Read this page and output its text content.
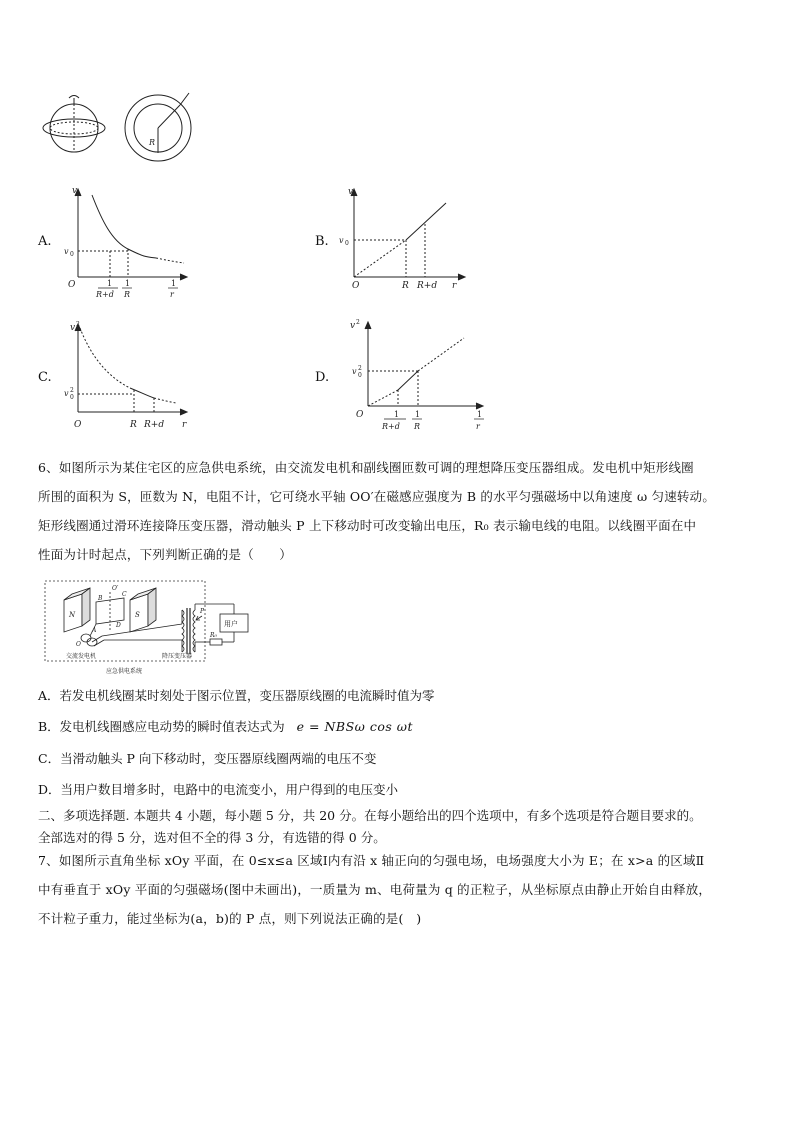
R
A.
v
v 0
O	1
R+d
1
R
1
r
B.
v
v 0
O	R R+d r
C.
v 2
v 2
0
O	R R+d r
D.
v 2
v 2
0
O	1
R+d
1
R
1
r
6、如图所示为某住宅区的应急供电系统，由交流发电机和副线圈匝数可调的理想降压变压器组成。发电机中矩形线圈
所围的面积为 S，匝数为 N，电阻不计，它可绕水平轴 OO′在磁感应强度为 B 的水平匀强磁场中以角速度 ω 匀速转动。
矩形线圈通过滑环连接降压变压器，滑动触头 P 上下移动时可改变输出电压，R₀ 表示输电线的电阻。以线圈平面在中
性面为计时起点，下列判断正确的是（　　）
N	S
B
C
D
A
O
O′
P
R₀
用户
交流发电机	降压变压器
应急供电系统
A．若发电机线圈某时刻处于图示位置，变压器原线圈的电流瞬时值为零
B．发电机线圈感应电动势的瞬时值表达式为 e = NBSω cos ωt
C．当滑动触头 P 向下移动时，变压器原线圈两端的电压不变
D．当用户数目增多时，电路中的电流变小，用户得到的电压变小
二、多项选择题. 本题共 4 小题，每小题 5 分，共 20 分。在每小题给出的四个选项中，有多个选项是符合题目要求的。
全部选对的得 5 分，选对但不全的得 3 分，有选错的得 0 分。
7、如图所示直角坐标 xOy 平面，在 0≤x≤a 区域Ⅰ内有沿 x 轴正向的匀强电场，电场强度大小为 E；在 x>a 的区域Ⅱ
中有垂直于 xOy 平面的匀强磁场(图中未画出)，一质量为 m、电荷量为 q 的正粒子，从坐标原点由静止开始自由释放，
不计粒子重力，能过坐标为(a，b)的 P 点，则下列说法正确的是(　)
